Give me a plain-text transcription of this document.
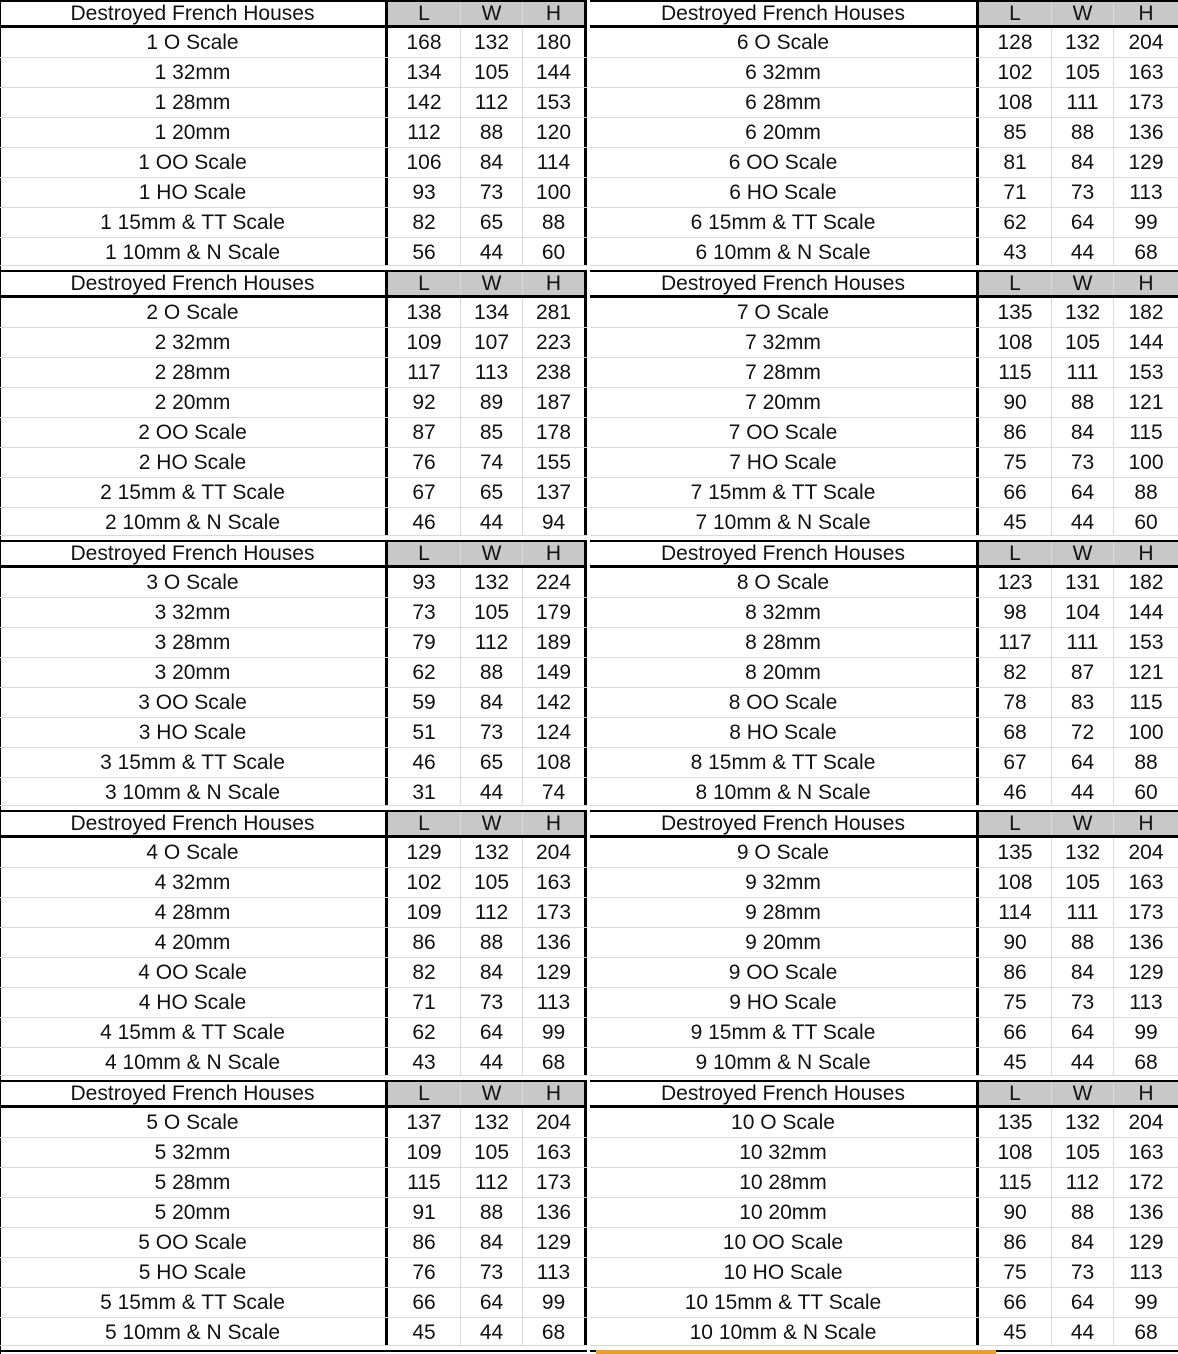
Destroyed French Houses	L	W	H
1 O Scale	168	132	180
1 32mm	134	105	144
1 28mm	142	112	153
1 20mm	112	88	120
1 OO Scale	106	84	114
1 HO Scale	93	73	100
1 15mm & TT Scale	82	65	88
1 10mm & N Scale	56	44	60
Destroyed French Houses	L	W	H
2 O Scale	138	134	281
2 32mm	109	107	223
2 28mm	117	113	238
2 20mm	92	89	187
2 OO Scale	87	85	178
2 HO Scale	76	74	155
2 15mm & TT Scale	67	65	137
2 10mm & N Scale	46	44	94
Destroyed French Houses	L	W	H
3 O Scale	93	132	224
3 32mm	73	105	179
3 28mm	79	112	189
3 20mm	62	88	149
3 OO Scale	59	84	142
3 HO Scale	51	73	124
3 15mm & TT Scale	46	65	108
3 10mm & N Scale	31	44	74
Destroyed French Houses	L	W	H
4 O Scale	129	132	204
4 32mm	102	105	163
4 28mm	109	112	173
4 20mm	86	88	136
4 OO Scale	82	84	129
4 HO Scale	71	73	113
4 15mm & TT Scale	62	64	99
4 10mm & N Scale	43	44	68
Destroyed French Houses	L	W	H
5 O Scale	137	132	204
5 32mm	109	105	163
5 28mm	115	112	173
5 20mm	91	88	136
5 OO Scale	86	84	129
5 HO Scale	76	73	113
5 15mm & TT Scale	66	64	99
5 10mm & N Scale	45	44	68
Destroyed French Houses	L	W	H
6 O Scale	128	132	204
6 32mm	102	105	163
6 28mm	108	111	173
6 20mm	85	88	136
6 OO Scale	81	84	129
6 HO Scale	71	73	113
6 15mm & TT Scale	62	64	99
6 10mm & N Scale	43	44	68
Destroyed French Houses	L	W	H
7 O Scale	135	132	182
7 32mm	108	105	144
7 28mm	115	111	153
7 20mm	90	88	121
7 OO Scale	86	84	115
7 HO Scale	75	73	100
7 15mm & TT Scale	66	64	88
7 10mm & N Scale	45	44	60
Destroyed French Houses	L	W	H
8 O Scale	123	131	182
8 32mm	98	104	144
8 28mm	117	111	153
8 20mm	82	87	121
8 OO Scale	78	83	115
8 HO Scale	68	72	100
8 15mm & TT Scale	67	64	88
8 10mm & N Scale	46	44	60
Destroyed French Houses	L	W	H
9 O Scale	135	132	204
9 32mm	108	105	163
9 28mm	114	111	173
9 20mm	90	88	136
9 OO Scale	86	84	129
9 HO Scale	75	73	113
9 15mm & TT Scale	66	64	99
9 10mm & N Scale	45	44	68
Destroyed French Houses	L	W	H
10 O Scale	135	132	204
10 32mm	108	105	163
10 28mm	115	112	172
10 20mm	90	88	136
10 OO Scale	86	84	129
10 HO Scale	75	73	113
10 15mm & TT Scale	66	64	99
10 10mm & N Scale	45	44	68
